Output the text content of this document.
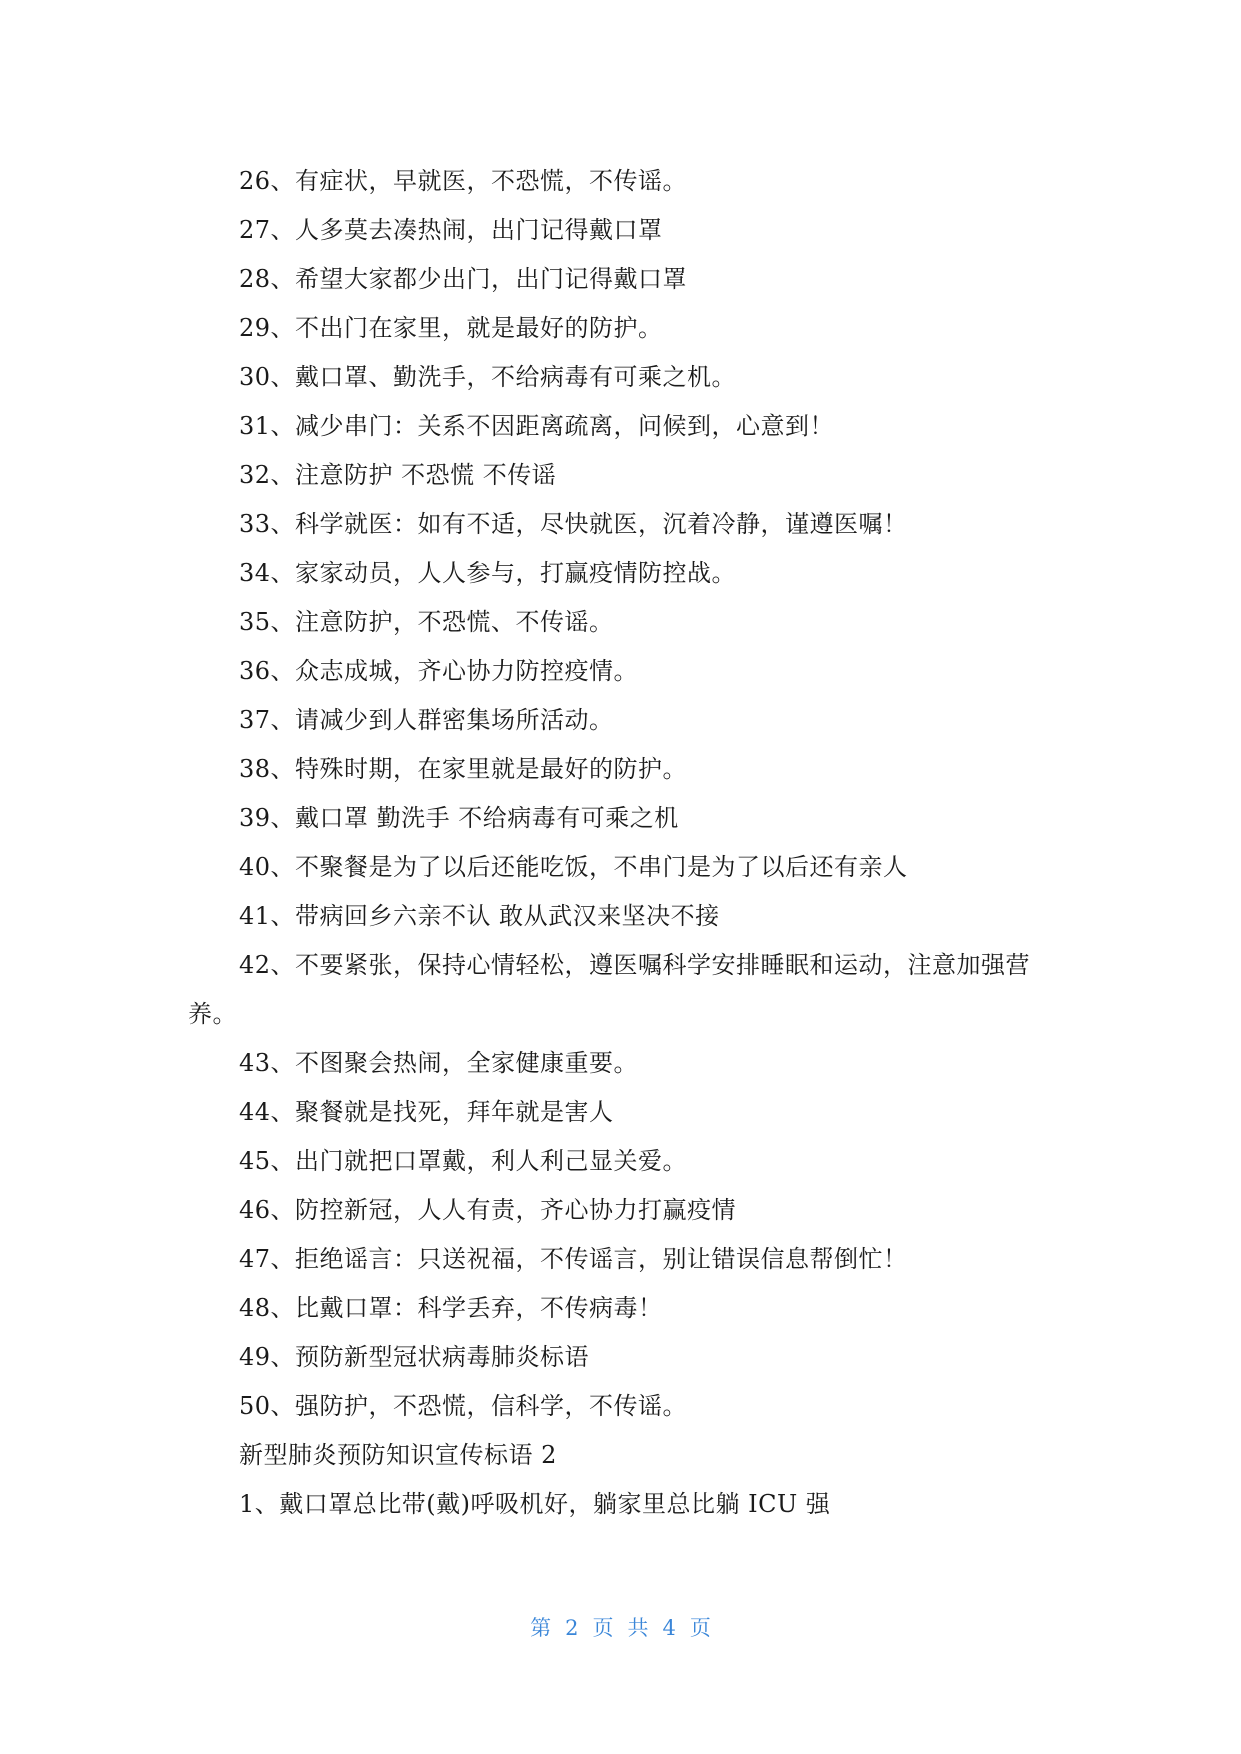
26、有症状，早就医，不恐慌，不传谣。
27、人多莫去凑热闹，出门记得戴口罩
28、希望大家都少出门，出门记得戴口罩
29、不出门在家里，就是最好的防护。
30、戴口罩、勤洗手，不给病毒有可乘之机。
31、减少串门：关系不因距离疏离，问候到，心意到！
32、注意防护 不恐慌 不传谣
33、科学就医：如有不适，尽快就医，沉着冷静，谨遵医嘱！
34、家家动员，人人参与，打赢疫情防控战。
35、注意防护，不恐慌、不传谣。
36、众志成城，齐心协力防控疫情。
37、请减少到人群密集场所活动。
38、特殊时期，在家里就是最好的防护。
39、戴口罩 勤洗手 不给病毒有可乘之机
40、不聚餐是为了以后还能吃饭，不串门是为了以后还有亲人
41、带病回乡六亲不认 敢从武汉来坚决不接
42、不要紧张，保持心情轻松，遵医嘱科学安排睡眠和运动，注意加强营
养。
43、不图聚会热闹，全家健康重要。
44、聚餐就是找死，拜年就是害人
45、出门就把口罩戴，利人利己显关爱。
46、防控新冠，人人有责，齐心协力打赢疫情
47、拒绝谣言：只送祝福，不传谣言，别让错误信息帮倒忙！
48、比戴口罩：科学丢弃，不传病毒！
49、预防新型冠状病毒肺炎标语
50、强防护，不恐慌，信科学，不传谣。
新型肺炎预防知识宣传标语 2
1、戴口罩总比带(戴)呼吸机好，躺家里总比躺 ICU 强
第 2 页 共 4 页
